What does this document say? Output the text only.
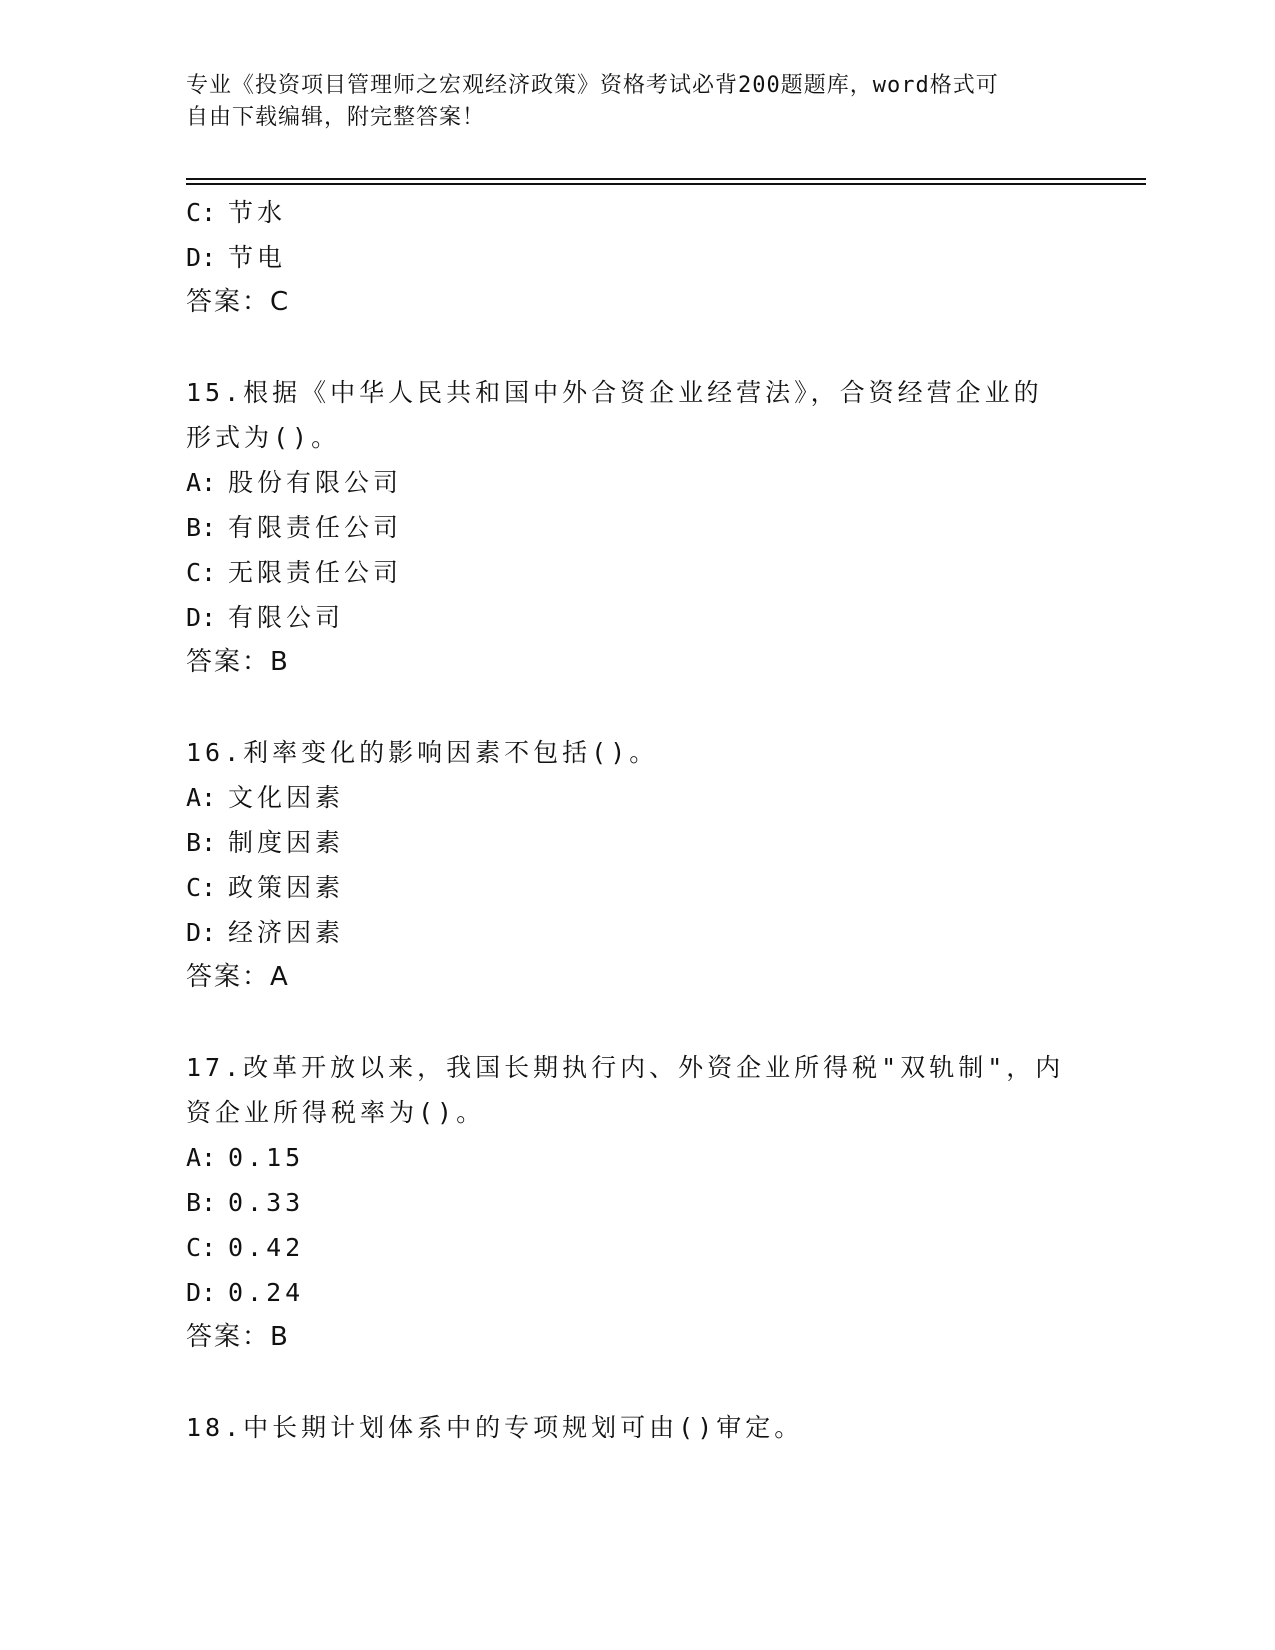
专业《投资项目管理师之宏观经济政策》资格考试必背200题题库，word格式可
自由下载编辑，附完整答案！
C: 节水
D: 节电
答案：C
15.根据《中华人民共和国中外合资企业经营法》，合资经营企业的形式为()。
A: 股份有限公司
B: 有限责任公司
C: 无限责任公司
D: 有限公司
答案：B
16.利率变化的影响因素不包括()。
A: 文化因素
B: 制度因素
C: 政策因素
D: 经济因素
答案：A
17.改革开放以来，我国长期执行内、外资企业所得税"双轨制"，内资企业所得税率为()。
A: 0.15
B: 0.33
C: 0.42
D: 0.24
答案：B
18.中长期计划体系中的专项规划可由()审定。
